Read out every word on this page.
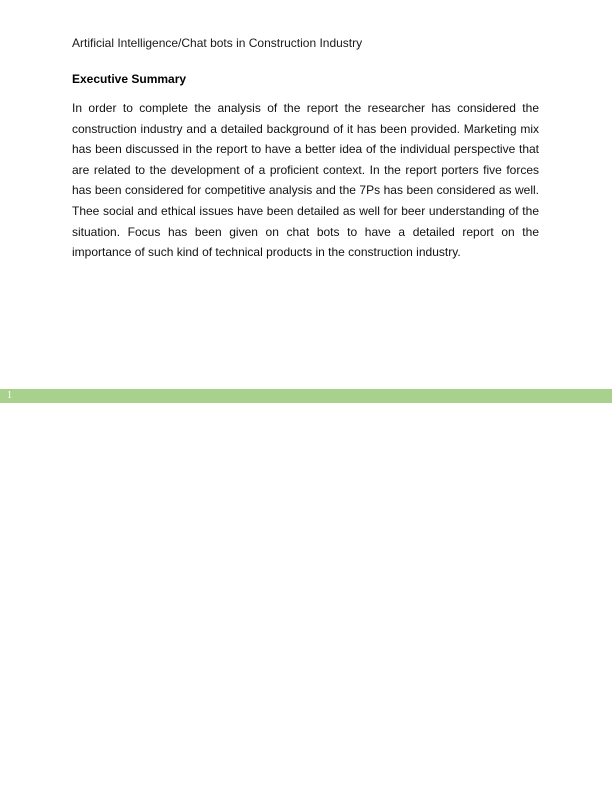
Artificial Intelligence/Chat bots in Construction Industry
Executive Summary

In order to complete the analysis of the report the researcher has considered the construction industry and a detailed background of it has been provided. Marketing mix has been discussed in the report to have a better idea of the individual perspective that are related to the development of a proficient context. In the report porters five forces has been considered for competitive analysis and the 7Ps has been considered as well. Thee social and ethical issues have been detailed as well for beer understanding of the situation. Focus has been given on chat bots to have a detailed report on the importance of such kind of technical products in the construction industry.

1
